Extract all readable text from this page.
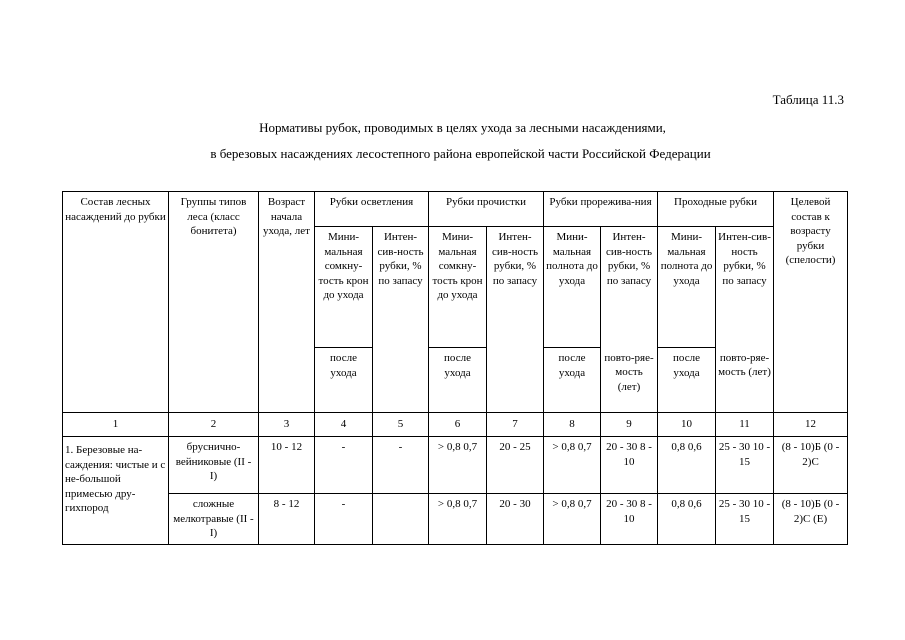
Таблица 11.3
Нормативы рубок, проводимых в целях ухода за лесными насаждениями,
в березовых насаждениях лесостепного района европейской части Российской Федерации
Состав лесных насаждений до рубки	Группы типов леса (класс бонитета)	Возраст начала ухода, лет	Рубки осветления		Рубки прочистки		Рубки прорежива-ния		Проходные рубки		Целевой состав к возрасту рубки (спелости)
			Мини-мальная сомкну-тость крон до ухода	Интен-сив-ность рубки, % по запасу	Мини-мальная сомкну-тость крон до ухода	Интен-сив-ность рубки, % по запасу	Мини-мальная полнота до ухода	Интен-сив-ность рубки, % по запасу	Мини-мальная полнота до ухода	Интен-сив-ность рубки, % по запасу	
			после ухода		после ухода		после ухода	повто-ряе-мость (лет)	после ухода	повто-ряе-мость (лет)	
1	2	3	4	5	6	7	8	9	10	11	12
1. Березовые на-саждения: чистые и с не-большой примесью дру-гихпород	бруснично-вейниковые (II - I)	10 - 12	-	-	> 0,8 0,7	20 - 25	> 0,8 0,7	20 - 30 8 - 10	0,8 0,6	25 - 30 10 - 15	(8 - 10)Б (0 - 2)С
	сложные мелкотравые (II - I)	8 - 12	-		> 0,8 0,7	20 - 30	> 0,8 0,7	20 - 30 8 - 10	0,8 0,6	25 - 30 10 - 15	(8 - 10)Б (0 - 2)С (Е)
